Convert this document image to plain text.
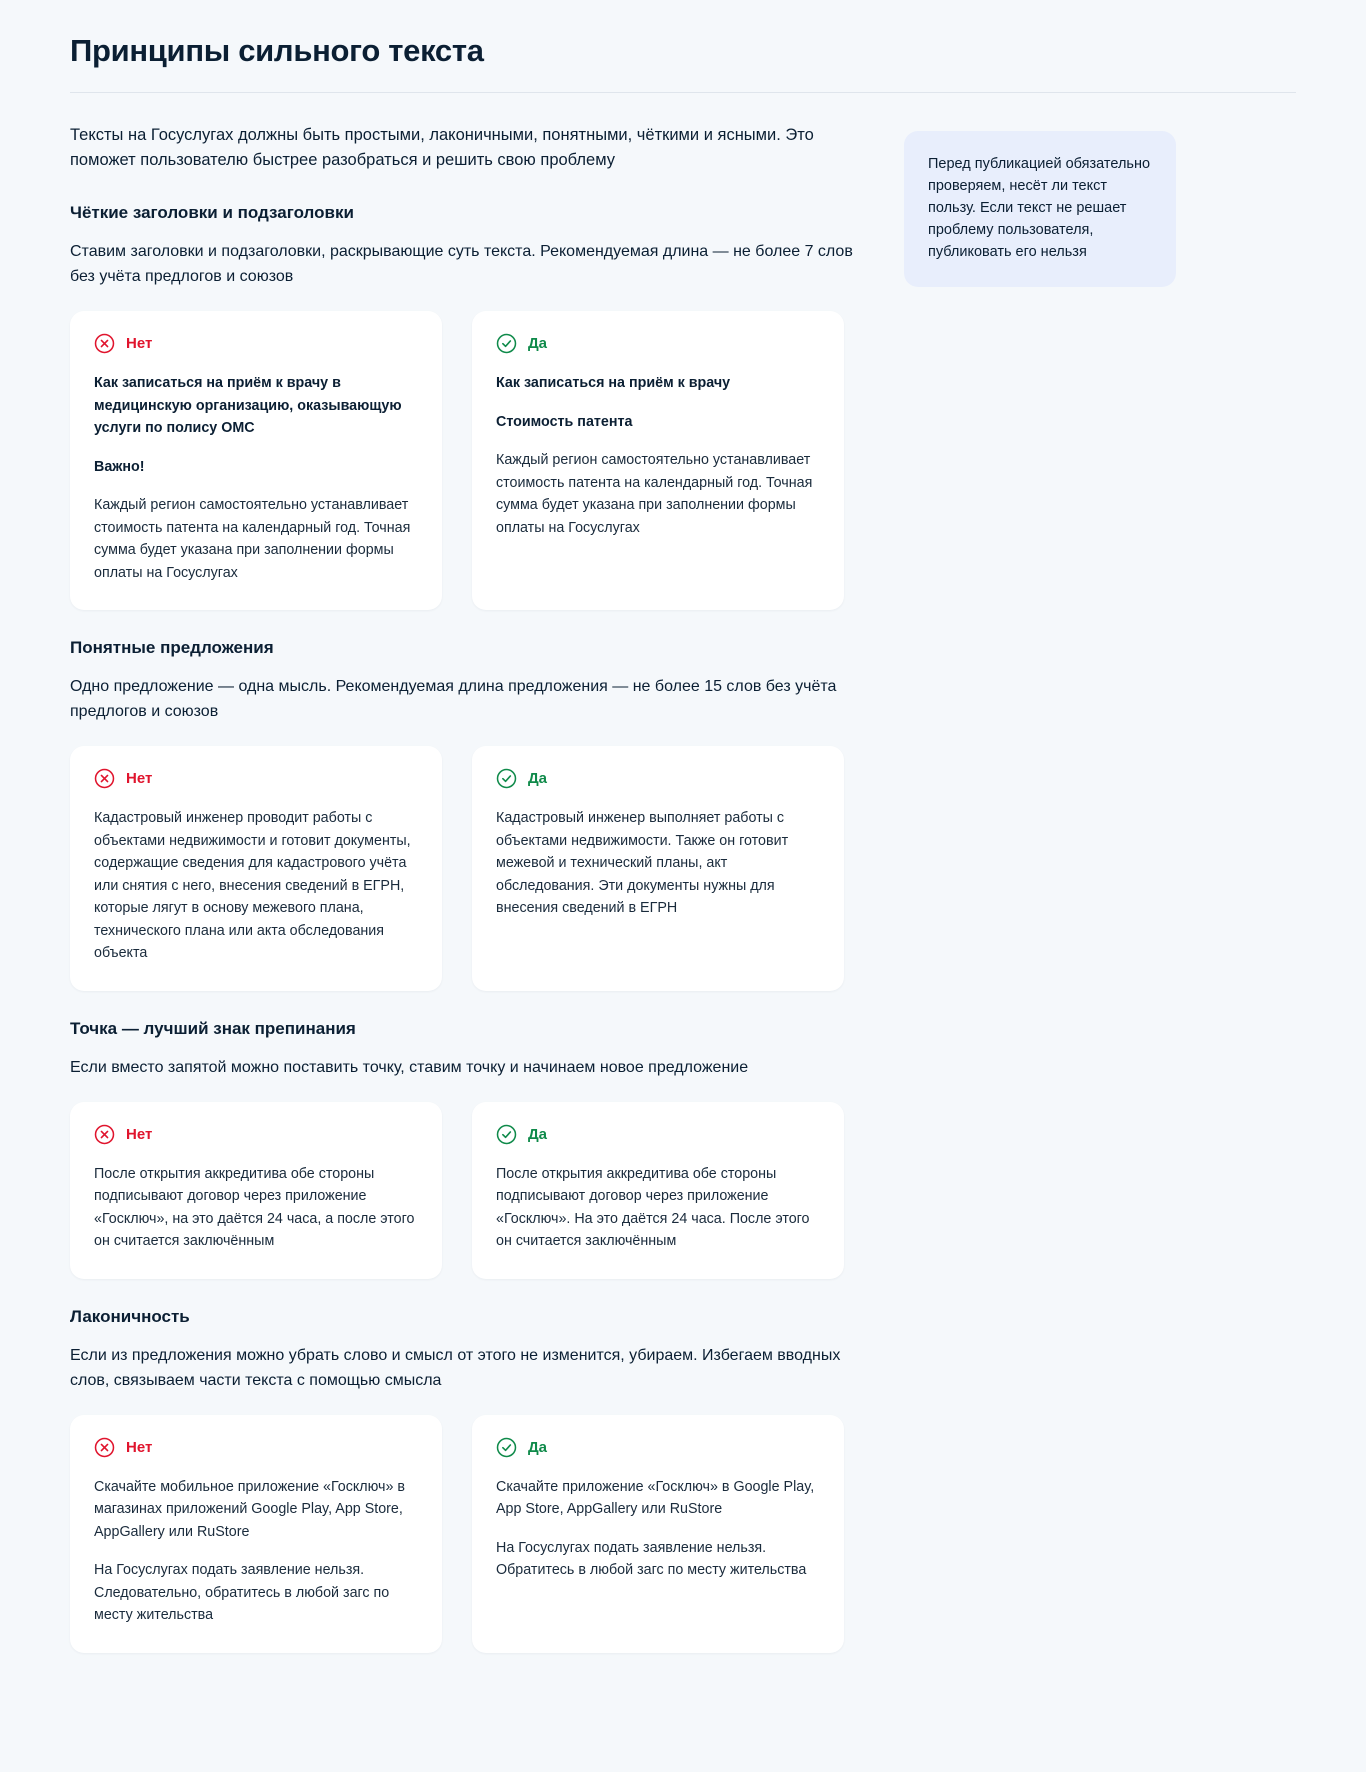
Принципы сильного текста

Тексты на Госуслугах должны быть простыми, лаконичными, понятными, чёткими и ясными. Это поможет пользователю быстрее разобраться и решить свою проблему

Чёткие заголовки и подзаголовки

Ставим заголовки и подзаголовки, раскрывающие суть текста. Рекомендуемая длина — не более 7 слов без учёта предлогов и союзов

Нет

Как записаться на приём к врачу в медицинскую организацию, оказывающую услуги по полису ОМС

Важно!

Каждый регион самостоятельно устанавливает стоимость патента на календарный год. Точная сумма будет указана при заполнении формы оплаты на Госуслугах

Да

Как записаться на приём к врачу

Стоимость патента

Каждый регион самостоятельно устанавливает стоимость патента на календарный год. Точная сумма будет указана при заполнении формы оплаты на Госуслугах

Понятные предложения

Одно предложение — одна мысль. Рекомендуемая длина предложения — не более 15 слов без учёта предлогов и союзов

Нет

Кадастровый инженер проводит работы с объектами недвижимости и готовит документы, содержащие сведения для кадастрового учёта или снятия с него, внесения сведений в ЕГРН, которые лягут в основу межевого плана, технического плана или акта обследования объекта

Да

Кадастровый инженер выполняет работы с объектами недвижимости. Также он готовит межевой и технический планы, акт обследования. Эти документы нужны для внесения сведений в ЕГРН

Точка — лучший знак препинания

Если вместо запятой можно поставить точку, ставим точку и начинаем новое предложение

Нет

После открытия аккредитива обе стороны подписывают договор через приложение «Госключ», на это даётся 24 часа, а после этого он считается заключённым

Да

После открытия аккредитива обе стороны подписывают договор через приложение «Госключ». На это даётся 24 часа. После этого он считается заключённым

Лаконичность

Если из предложения можно убрать слово и смысл от этого не изменится, убираем. Избегаем вводных слов, связываем части текста с помощью смысла

Нет

Скачайте мобильное приложение «Госключ» в магазинах приложений Google Play, App Store, AppGallery или RuStore

На Госуслугах подать заявление нельзя. Следовательно, обратитесь в любой загс по месту жительства

Да

Скачайте приложение «Госключ» в Google Play, App Store, AppGallery или RuStore

На Госуслугах подать заявление нельзя. Обратитесь в любой загс по месту жительства

Перед публикацией обязательно проверяем, несёт ли текст пользу. Если текст не решает проблему пользователя, публиковать его нельзя
